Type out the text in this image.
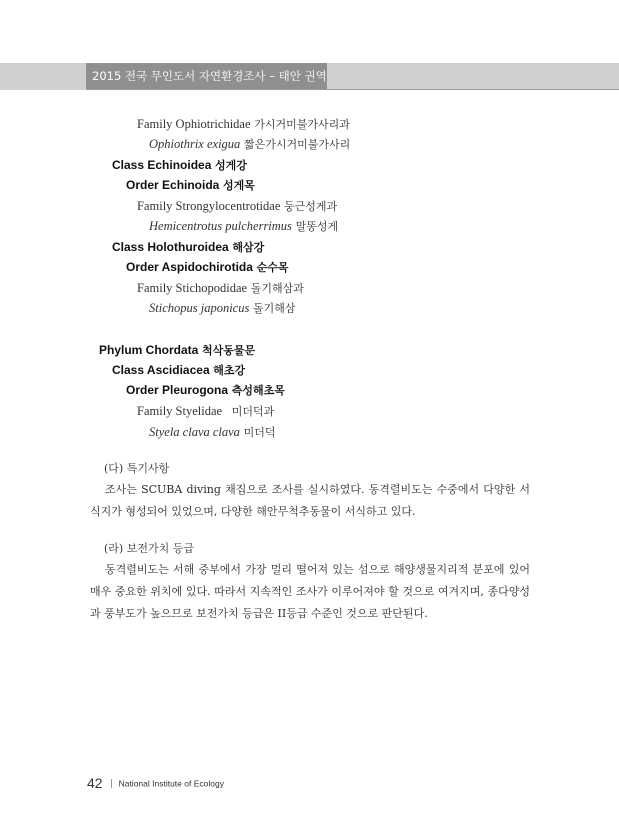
2015 전국 무인도서 자연환경조사 – 태안 권역
Family Ophiotrichidae 가시거미불가사리과
Ophiothrix exigua 짧은가시거미불가사리
Class Echinoidea 성게강
Order Echinoida 성게목
Family Strongylocentrotidae 둥근성게과
Hemicentrotus pulcherrimus 말똥성게
Class Holothuroidea 해삼강
Order Aspidochirotida 순수목
Family Stichopodidae 돌기해삼과
Stichopus japonicus 돌기해삼
Phylum Chordata 척삭동물문
Class Ascidiacea 해초강
Order Pleurogona 측성해초목
Family Styelidae 미더덕과
Styela clava clava 미더덕
(다) 특기사항
조사는 SCUBA diving 채집으로 조사를 실시하였다. 동격렬비도는 수중에서 다양한 서식지가 형성되어 있었으며, 다양한 해안무척추동물이 서식하고 있다.
(라) 보전가치 등급
동격렬비도는 서해 중부에서 가장 멀리 떨어져 있는 섬으로 해양생물지리적 분포에 있어 매우 중요한 위치에 있다. 따라서 지속적인 조사가 이루어져야 할 것으로 여겨지며, 종다양성과 풍부도가 높으므로 보전가치 등급은 II등급 수준인 것으로 판단된다.
42 National Institute of Ecology
